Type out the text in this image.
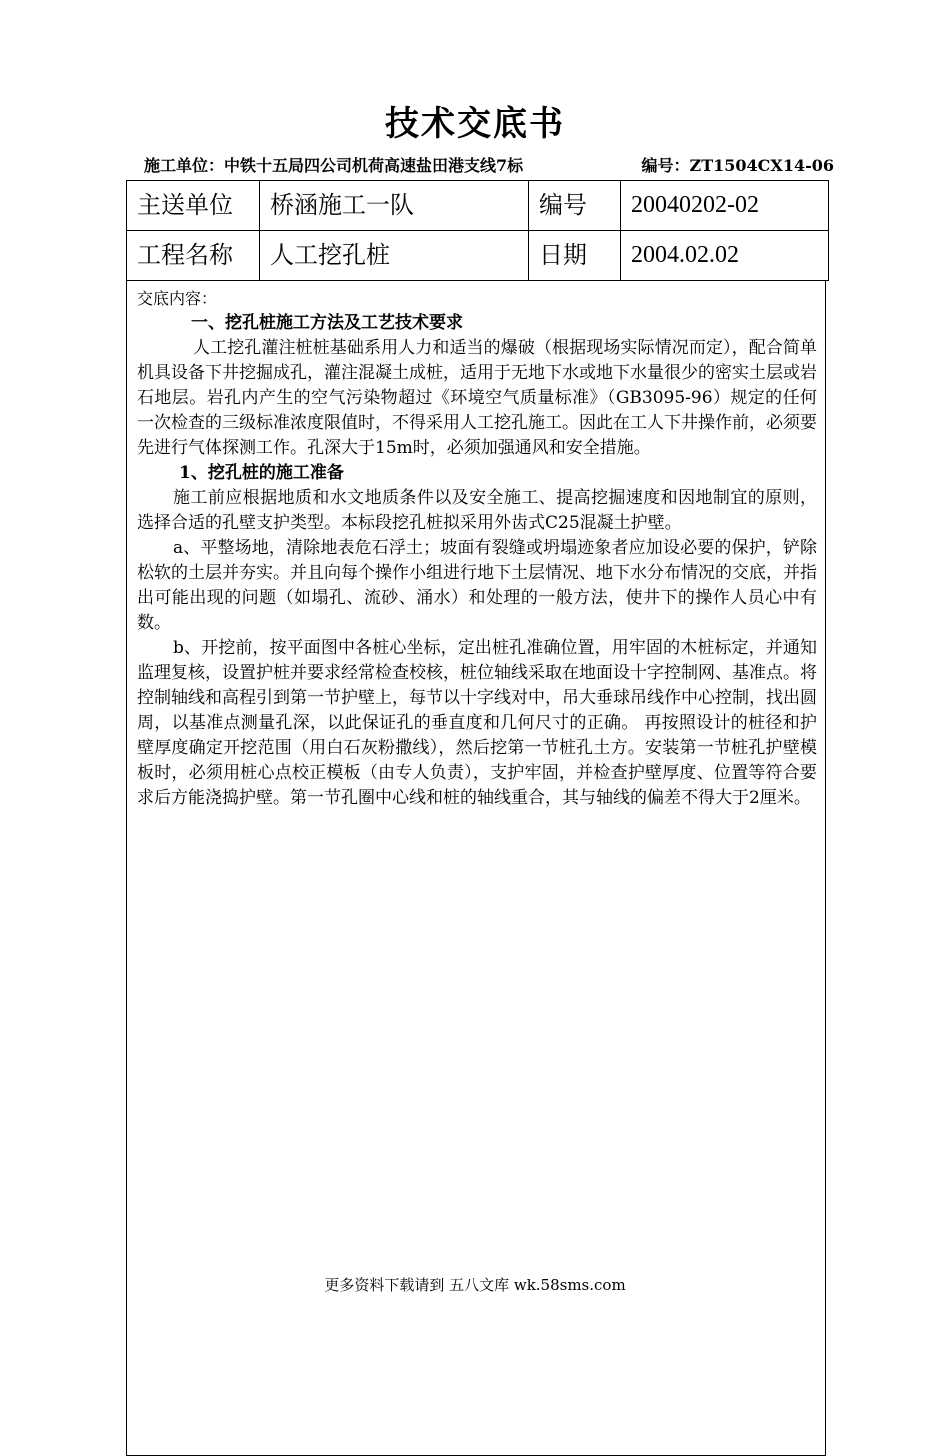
技术交底书
施工单位：中铁十五局四公司机荷高速盐田港支线7标	编号：ZT1504CX14-06
主送单位	桥涵施工一队	编号	20040202-02
工程名称	人工挖孔桩	日期	2004.02.02
交底内容：
一、挖孔桩施工方法及工艺技术要求

人工挖孔灌注桩桩基础系用人力和适当的爆破（根据现场实际情况而定），配合简单机具设备下井挖掘成孔，灌注混凝土成桩，适用于无地下水或地下水量很少的密实土层或岩石地层。岩孔内产生的空气污染物超过《环境空气质量标准》（GB3095-96）规定的任何一次检查的三级标准浓度限值时，不得采用人工挖孔施工。因此在工人下井操作前，必须要先进行气体探测工作。孔深大于15m时，必须加强通风和安全措施。

1、挖孔桩的施工准备

施工前应根据地质和水文地质条件以及安全施工、提高挖掘速度和因地制宜的原则，选择合适的孔壁支护类型。本标段挖孔桩拟采用外齿式C25混凝土护壁。

a、平整场地，清除地表危石浮土；坡面有裂缝或坍塌迹象者应加设必要的保护，铲除松软的土层并夯实。并且向每个操作小组进行地下土层情况、地下水分布情况的交底，并指出可能出现的问题（如塌孔、流砂、涌水）和处理的一般方法，使井下的操作人员心中有数。

b、开挖前，按平面图中各桩心坐标，定出桩孔准确位置，用牢固的木桩标定，并通知监理复核，设置护桩并要求经常检查校核，桩位轴线采取在地面设十字控制网、基准点。将控制轴线和高程引到第一节护壁上，每节以十字线对中，吊大垂球吊线作中心控制，找出圆周，以基准点测量孔深，以此保证孔的垂直度和几何尺寸的正确。 再按照设计的桩径和护壁厚度确定开挖范围（用白石灰粉撒线），然后挖第一节桩孔土方。安装第一节桩孔护壁模板时，必须用桩心点校正模板（由专人负责），支护牢固，并检查护壁厚度、位置等符合要求后方能浇捣护壁。第一节孔圈中心线和桩的轴线重合，其与轴线的偏差不得大于2厘米。

更多资料下载请到 五八文库 wk.58sms.com
